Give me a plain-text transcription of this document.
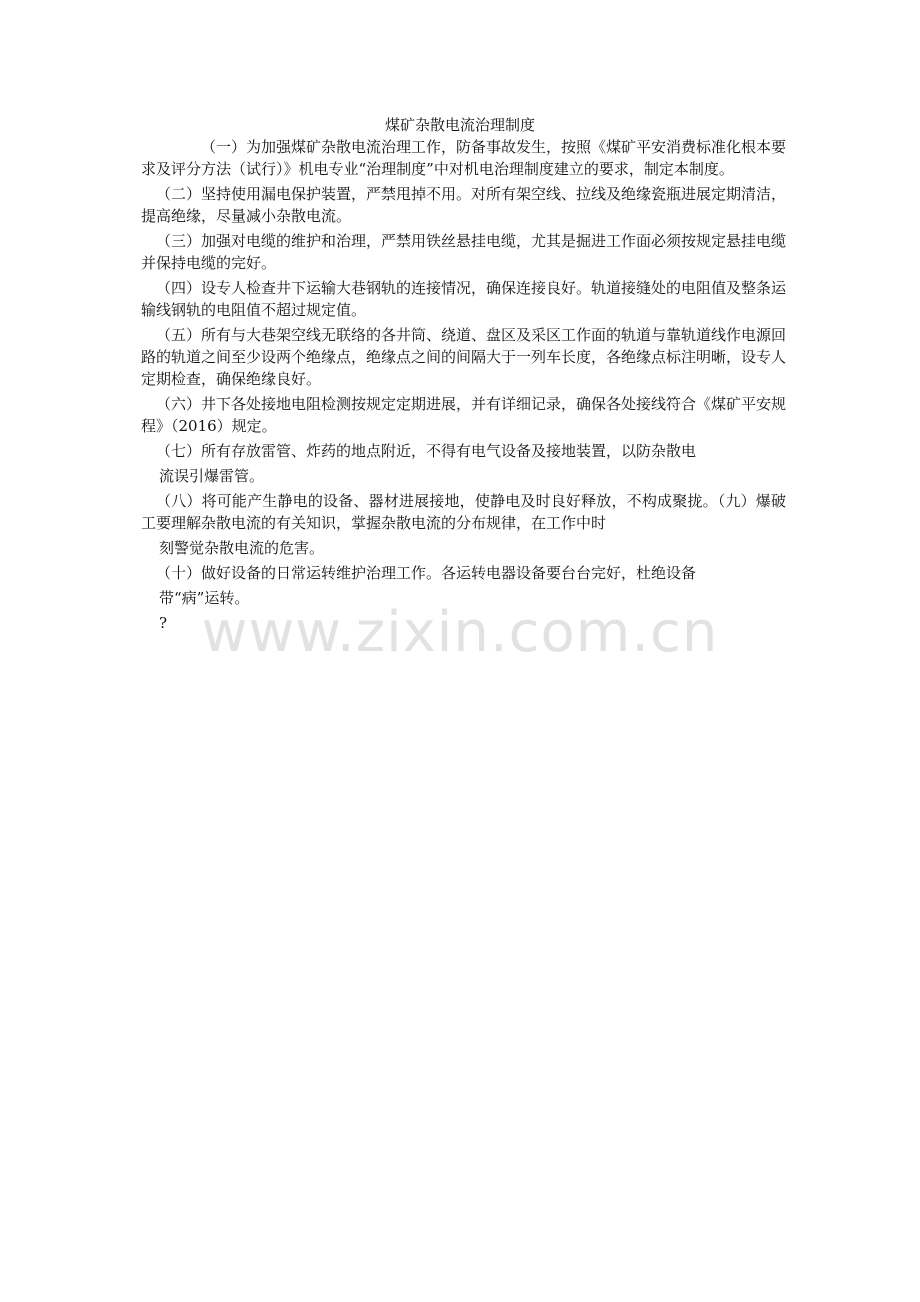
煤矿杂散电流治理制度

（一）为加强煤矿杂散电流治理工作，防备事故发生，按照《煤矿平安消费标准化根本要求及评分方法（试行）》机电专业“治理制度”中对机电治理制度建立的要求，制定本制度。

（二）坚持使用漏电保护装置，严禁甩掉不用。对所有架空线、拉线及绝缘瓷瓶进展定期清洁，提高绝缘，尽量减小杂散电流。

（三）加强对电缆的维护和治理，严禁用铁丝悬挂电缆，尤其是掘进工作面必须按规定悬挂电缆并保持电缆的完好。

（四）设专人检查井下运输大巷钢轨的连接情况，确保连接良好。轨道接缝处的电阻值及整条运输线钢轨的电阻值不超过规定值。

（五）所有与大巷架空线无联络的各井筒、绕道、盘区及采区工作面的轨道与靠轨道线作电源回路的轨道之间至少设两个绝缘点，绝缘点之间的间隔大于一列车长度，各绝缘点标注明晰，设专人定期检查，确保绝缘良好。

（六）井下各处接地电阻检测按规定定期进展，并有详细记录，确保各处接线符合《煤矿平安规程》（2016）规定。

（七）所有存放雷管、炸药的地点附近，不得有电气设备及接地装置，以防杂散电

流误引爆雷管。

（八）将可能产生静电的设备、器材进展接地，使静电及时良好释放，不构成聚拢。（九）爆破工要理解杂散电流的有关知识，掌握杂散电流的分布规律，在工作中时

刻警觉杂散电流的危害。

（十）做好设备的日常运转维护治理工作。各运转电器设备要台台完好，杜绝设备

带“病”运转。

? www.zixin.com.cn
